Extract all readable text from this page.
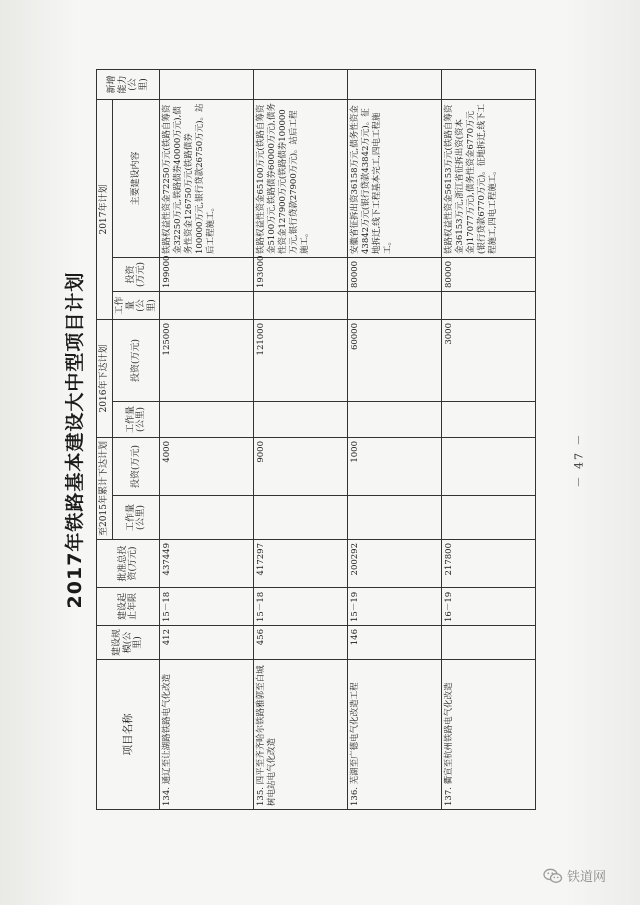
2017年铁路基本建设大中型项目计划
项目名称	建设规模(公里)	建设起止年限	批准总投资(万元)	至2015年累计下达计划		2016年下达计划		2017年计划			新增能力(公里)
				工作量(公里)	投资(万元)	工作量(公里)	投资(万元)	工作量(公里)	投资(万元)	主要建设内容	
134. 通辽至让湖路铁路电气化改造	412	15－18	437449		4000		125000		199000	铁路权益性资金72250万元(铁路自筹资金32250万元,铁路债券40000万元),债务性资金126750万元(铁路债券100000万元,银行贷款26750万元)。站后工程施工。	
135. 四平至齐齐哈尔铁路雅郭至白城树电站电气化改造	456	15－18	417297		9000		121000		193000	铁路权益性资金65100万元(铁路自筹资金5100万元,铁路债券60000万元),债务性资金127900万元(铁路债券100000万元,银行贷款27900万元)。站后工程施工。	
136. 芜湖至广德电气化改造工程	146	15－19	200292		1000		60000		80000	安徽省征拆出资36158万元,债务性资金43842万元(银行贷款43842万元)。征地拆迁,线下工程基本完工,四电工程施工。	
137. 衢宣至杭州铁路电气化改造		16－19	217800				3000		80000	铁路权益性资金56153万元(铁路自筹资金36153万元,浙江省征拆出资(资本金)17077万元),债务性资金6770万元(银行贷款6770万元)。征地拆迁,线下工程施工,四电工程施工。	
－ 47 －
铁道网
